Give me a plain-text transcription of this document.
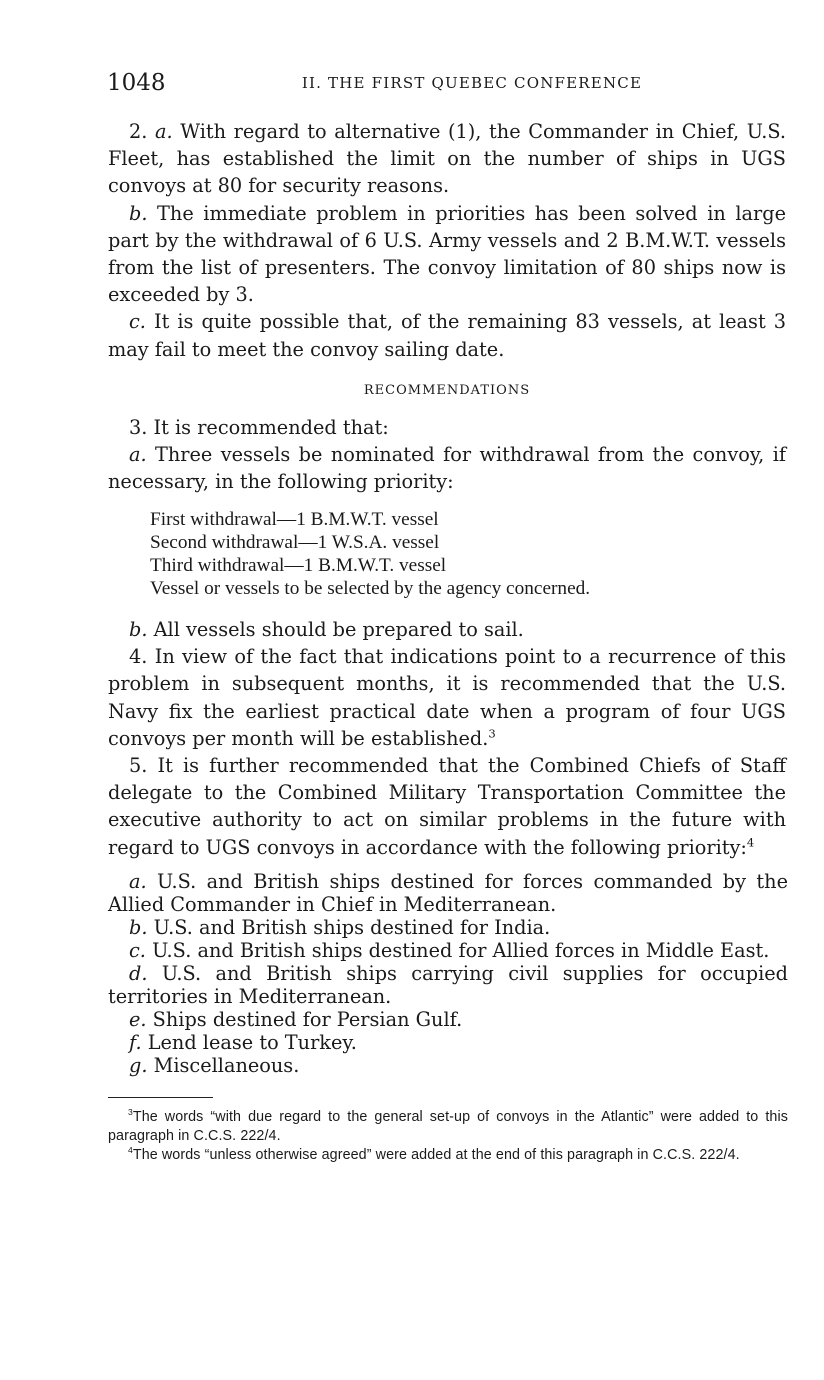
1048	II. THE FIRST QUEBEC CONFERENCE

2. a. With regard to alternative (1), the Commander in Chief, U.S. Fleet, has established the limit on the number of ships in UGS convoys at 80 for security reasons.

b. The immediate problem in priorities has been solved in large part by the withdrawal of 6 U.S. Army vessels and 2 B.M.W.T. vessels from the list of presenters. The convoy limitation of 80 ships now is exceeded by 3.

c. It is quite possible that, of the remaining 83 vessels, at least 3 may fail to meet the convoy sailing date.

RECOMMENDATIONS

3. It is recommended that:

a. Three vessels be nominated for withdrawal from the convoy, if necessary, in the following priority:

First withdrawal—1 B.M.W.T. vessel
Second withdrawal—1 W.S.A. vessel
Third withdrawal—1 B.M.W.T. vessel
Vessel or vessels to be selected by the agency concerned.

b. All vessels should be prepared to sail.

4. In view of the fact that indications point to a recurrence of this problem in subsequent months, it is recommended that the U.S. Navy fix the earliest practical date when a program of four UGS convoys per month will be established.$^3$

5. It is further recommended that the Combined Chiefs of Staff delegate to the Combined Military Transportation Committee the executive authority to act on similar problems in the future with regard to UGS convoys in accordance with the following priority:$^4$

a. U.S. and British ships destined for forces commanded by the Allied Commander in Chief in Mediterranean.

b. U.S. and British ships destined for India.

c. U.S. and British ships destined for Allied forces in Middle East.

d. U.S. and British ships carrying civil supplies for occupied territories in Mediterranean.

e. Ships destined for Persian Gulf.

f. Lend lease to Turkey.

g. Miscellaneous.

$^3$The words “with due regard to the general set-up of convoys in the Atlantic” were added to this paragraph in C.C.S. 222/4.

$^4$The words “unless otherwise agreed” were added at the end of this paragraph in C.C.S. 222/4.
